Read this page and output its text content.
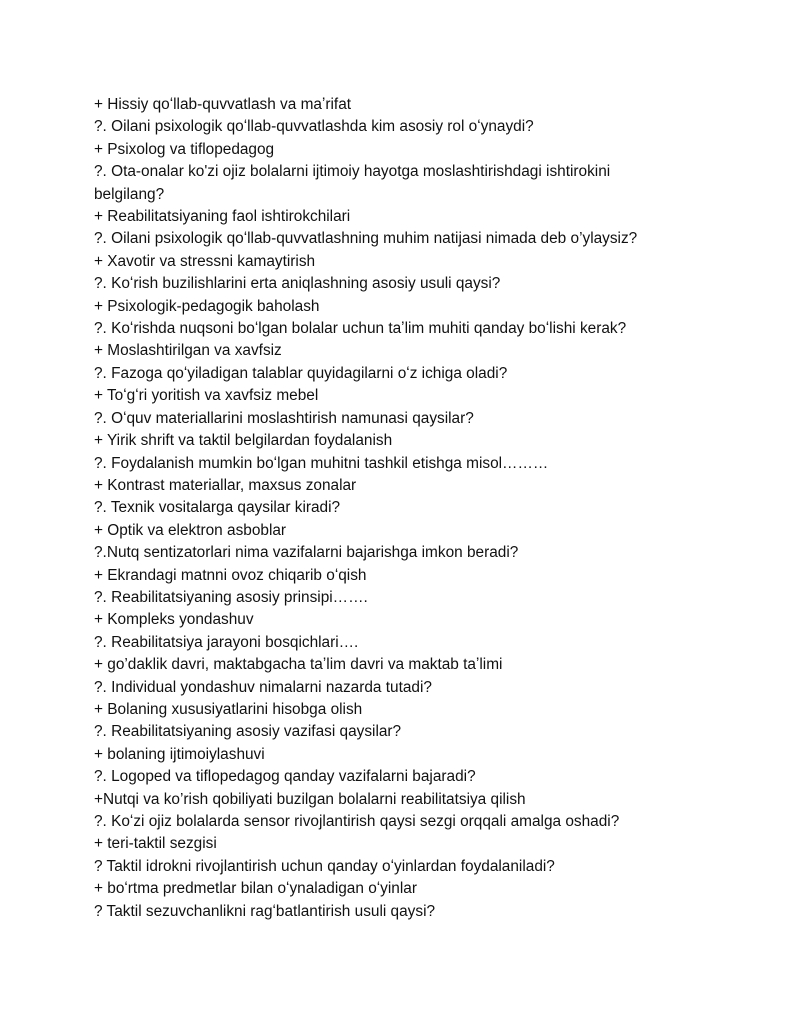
+ Hissiy qoʻllab-quvvatlash va maʼrifat
?. Oilani psixologik qoʻllab-quvvatlashda kim asosiy rol oʻynaydi?
+ Psixolog va tiflopedagog
?. Ota-onalar ko'zi ojiz bolalarni ijtimoiy hayotga moslashtirishdagi ishtirokini
belgilang?
+ Reabilitatsiyaning faol ishtirokchilari
?. Oilani psixologik qoʻllab-quvvatlashning muhim natijasi nimada deb o’ylaysiz?
+ Xavotir va stressni kamaytirish
?. Koʻrish buzilishlarini erta aniqlashning asosiy usuli qaysi?
+ Psixologik-pedagogik baholash
?. Koʻrishda nuqsoni boʻlgan bolalar uchun taʼlim muhiti qanday boʻlishi kerak?
+ Moslashtirilgan va xavfsiz
?. Fazoga qoʻyiladigan talablar quyidagilarni oʻz ichiga oladi?
+ Toʻgʻri yoritish va xavfsiz mebel
?. Oʻquv materiallarini moslashtirish namunasi qaysilar?
+ Yirik shrift va taktil belgilardan foydalanish
?. Foydalanish mumkin boʻlgan muhitni tashkil etishga misol………
+ Kontrast materiallar, maxsus zonalar
?. Texnik vositalarga qaysilar kiradi?
+ Optik va elektron asboblar
?.Nutq sentizatorlari nima vazifalarni bajarishga imkon beradi?
+ Ekrandagi matnni ovoz chiqarib oʻqish
?. Reabilitatsiyaning asosiy prinsipi…….
+ Kompleks yondashuv
?. Reabilitatsiya jarayoni bosqichlari….
+ go’daklik davri, maktabgacha taʼlim davri va maktab taʼlimi
?. Individual yondashuv nimalarni nazarda tutadi?
+ Bolaning xususiyatlarini hisobga olish
?. Reabilitatsiyaning asosiy vazifasi qaysilar?
+ bolaning ijtimoiylashuvi
?. Logoped va tiflopedagog qanday vazifalarni bajaradi?
+Nutqi va ko’rish qobiliyati buzilgan bolalarni reabilitatsiya qilish
?. Koʻzi ojiz bolalarda sensor rivojlantirish qaysi sezgi orqqali amalga oshadi?
+ teri-taktil sezgisi
? Taktil idrokni rivojlantirish uchun qanday oʻyinlardan foydalaniladi?
+ boʻrtma predmetlar bilan oʻynaladigan oʻyinlar
? Taktil sezuvchanlikni ragʻbatlantirish usuli qaysi?
